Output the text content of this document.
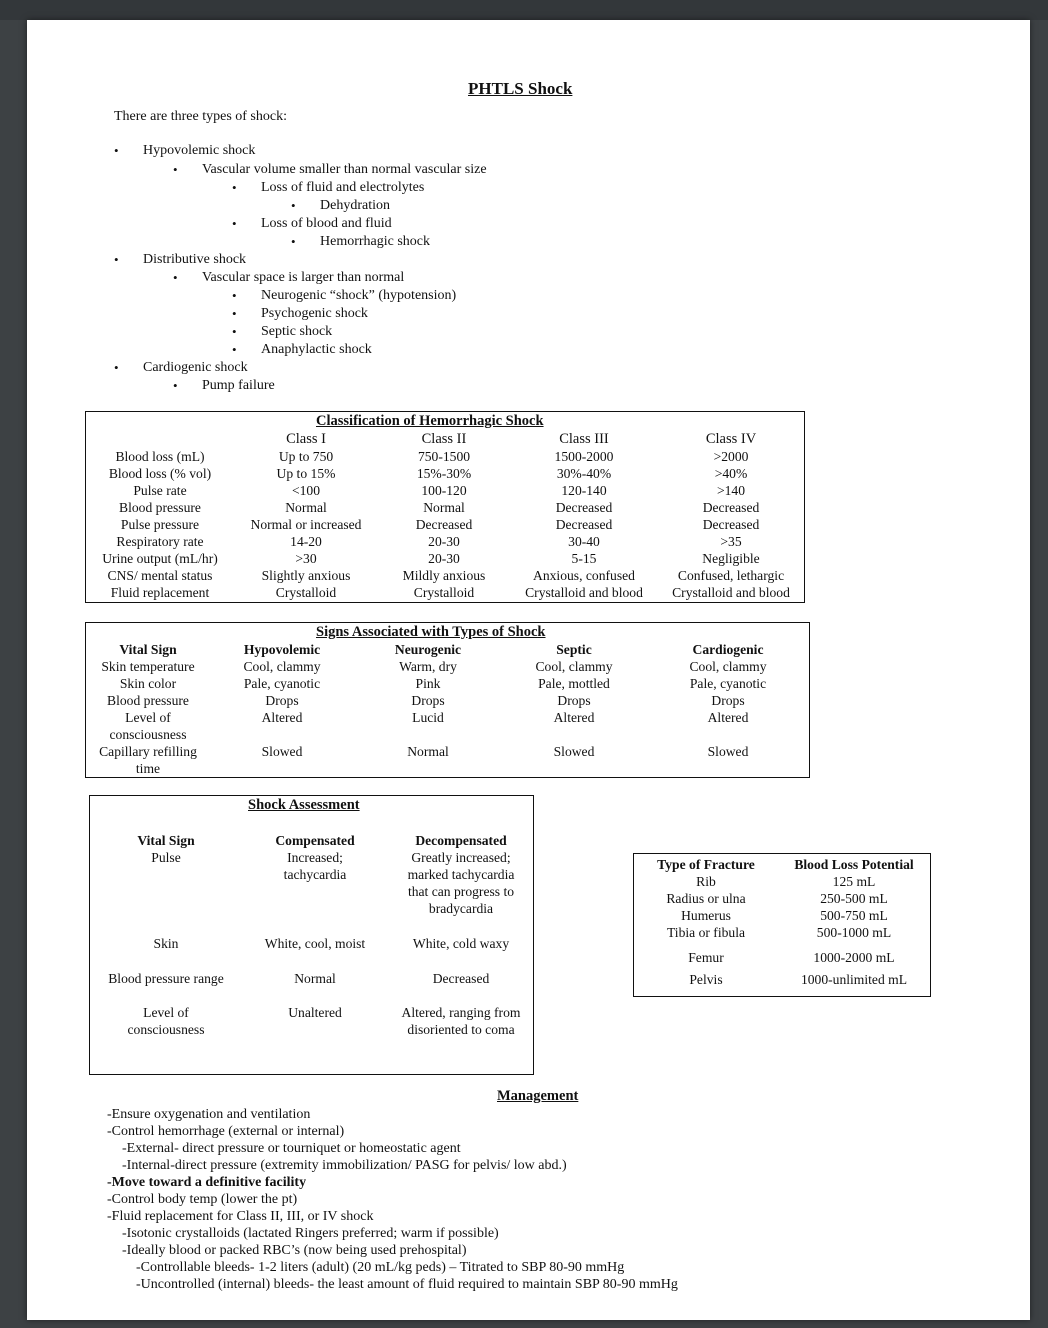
PHTLS Shock
There are three types of shock:
• Hypovolemic shock
• Vascular volume smaller than normal vascular size
• Loss of fluid and electrolytes
• Dehydration
• Loss of blood and fluid
• Hemorrhagic shock
• Distributive shock
• Vascular space is larger than normal
• Neurogenic “shock” (hypotension)
• Psychogenic shock
• Septic shock
• Anaphylactic shock
• Cardiogenic shock
• Pump failure
Classification of Hemorrhagic Shock
Blood loss (mL)
Blood loss (% vol)
Pulse rate
Blood pressure
Pulse pressure
Respiratory rate
Urine output (mL/hr)
CNS/ mental status
Fluid replacement
Class I
Up to 750
Up to 15%
<100
Normal
Normal or increased
14-20
>30
Slightly anxious
Crystalloid
Class II
750-1500
15%-30%
100-120
Normal
Decreased
20-30
20-30
Mildly anxious
Crystalloid
Class III
1500-2000
30%-40%
120-140
Decreased
Decreased
30-40
5-15
Anxious, confused
Crystalloid and blood
Class IV
>2000
>40%
>140
Decreased
Decreased
>35
Negligible
Confused, lethargic
Crystalloid and blood
Signs Associated with Types of Shock
Vital Sign
Skin temperature
Skin color
Blood pressure
Level of consciousness
Capillary refilling time
Hypovolemic
Cool, clammy
Pale, cyanotic
Drops
Altered
Slowed
Neurogenic
Warm, dry
Pink
Drops
Lucid
Normal
Septic
Cool, clammy
Pale, mottled
Drops
Altered
Slowed
Cardiogenic
Cool, clammy
Pale, cyanotic
Drops
Altered
Slowed
Shock Assessment
Vital Sign
Pulse
Skin
Blood pressure range
Level of consciousness
Compensated
Increased; tachycardia
White, cool, moist
Normal
Unaltered
Decompensated
Greatly increased; marked tachycardia that can progress to bradycardia
White, cold waxy
Decreased
Altered, ranging from disoriented to coma
Type of Fracture
Rib
Radius or ulna
Humerus
Tibia or fibula
Femur
Pelvis
Blood Loss Potential
125 mL
250-500 mL
500-750 mL
500-1000 mL
1000-2000 mL
1000-unlimited mL
Management
-Ensure oxygenation and ventilation
-Control hemorrhage (external or internal)
-External- direct pressure or tourniquet or homeostatic agent
-Internal-direct pressure (extremity immobilization/ PASG for pelvis/ low abd.)
-Move toward a definitive facility
-Control body temp (lower the pt)
-Fluid replacement for Class II, III, or IV shock
-Isotonic crystalloids (lactated Ringers preferred; warm if possible)
-Ideally blood or packed RBC’s (now being used prehospital)
-Controllable bleeds- 1-2 liters (adult) (20 mL/kg peds) – Titrated to SBP 80-90 mmHg
-Uncontrolled (internal) bleeds- the least amount of fluid required to maintain SBP 80-90 mmHg
